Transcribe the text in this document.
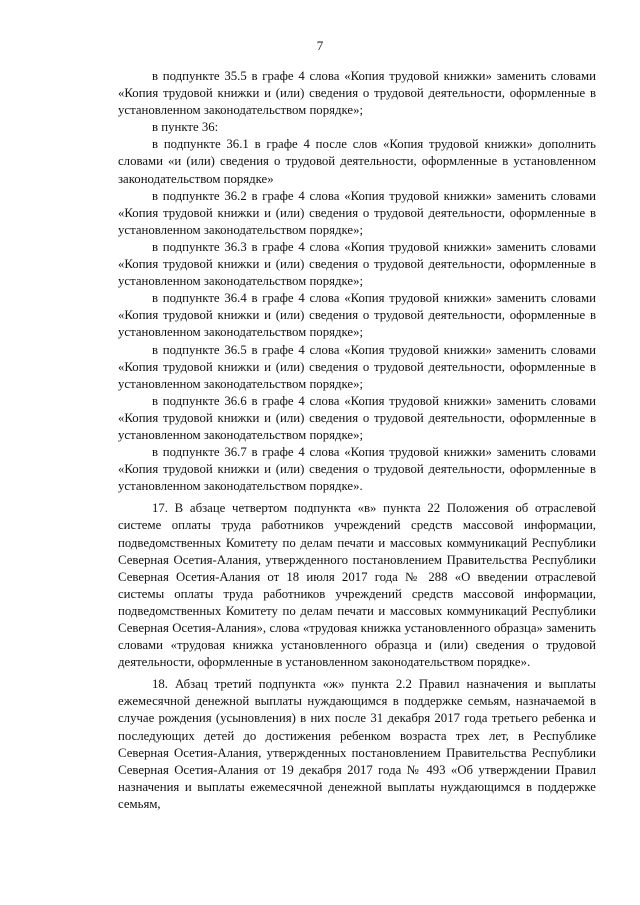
7

в подпункте 35.5 в графе 4 слова «Копия трудовой книжки» заменить словами «Копия трудовой книжки и (или) сведения о трудовой деятельности, оформленные в установленном законодательством порядке»;

в пункте 36:

в подпункте 36.1 в графе 4 после слов «Копия трудовой книжки» дополнить словами «и (или) сведения о трудовой деятельности, оформленные в установленном законодательством порядке»

в подпункте 36.2 в графе 4 слова «Копия трудовой книжки» заменить словами «Копия трудовой книжки и (или) сведения о трудовой деятельности, оформленные в установленном законодательством порядке»;

в подпункте 36.3 в графе 4 слова «Копия трудовой книжки» заменить словами «Копия трудовой книжки и (или) сведения о трудовой деятельности, оформленные в установленном законодательством порядке»;

в подпункте 36.4 в графе 4 слова «Копия трудовой книжки» заменить словами «Копия трудовой книжки и (или) сведения о трудовой деятельности, оформленные в установленном законодательством порядке»;

в подпункте 36.5 в графе 4 слова «Копия трудовой книжки» заменить словами «Копия трудовой книжки и (или) сведения о трудовой деятельности, оформленные в установленном законодательством порядке»;

в подпункте 36.6 в графе 4 слова «Копия трудовой книжки» заменить словами «Копия трудовой книжки и (или) сведения о трудовой деятельности, оформленные в установленном законодательством порядке»;

в подпункте 36.7 в графе 4 слова «Копия трудовой книжки» заменить словами «Копия трудовой книжки и (или) сведения о трудовой деятельности, оформленные в установленном законодательством порядке».

17. В абзаце четвертом подпункта «в» пункта 22 Положения об отраслевой системе оплаты труда работников учреждений средств массовой информации, подведомственных Комитету по делам печати и массовых коммуникаций Республики Северная Осетия-Алания, утвержденного постановлением Правительства Республики Северная Осетия-Алания от 18 июля 2017 года № 288 «О введении отраслевой системы оплаты труда работников учреждений средств массовой информации, подведомственных Комитету по делам печати и массовых коммуникаций Республики Северная Осетия-Алания», слова «трудовая книжка установленного образца» заменить словами «трудовая книжка установленного образца и (или) сведения о трудовой деятельности, оформленные в установленном законодательством порядке».

18. Абзац третий подпункта «ж» пункта 2.2 Правил назначения и выплаты ежемесячной денежной выплаты нуждающимся в поддержке семьям, назначаемой в случае рождения (усыновления) в них после 31 декабря 2017 года третьего ребенка и последующих детей до достижения ребенком возраста трех лет, в Республике Северная Осетия-Алания, утвержденных постановлением Правительства Республики Северная Осетия-Алания от 19 декабря 2017 года № 493 «Об утверждении Правил назначения и выплаты ежемесячной денежной выплаты нуждающимся в поддержке семьям,
